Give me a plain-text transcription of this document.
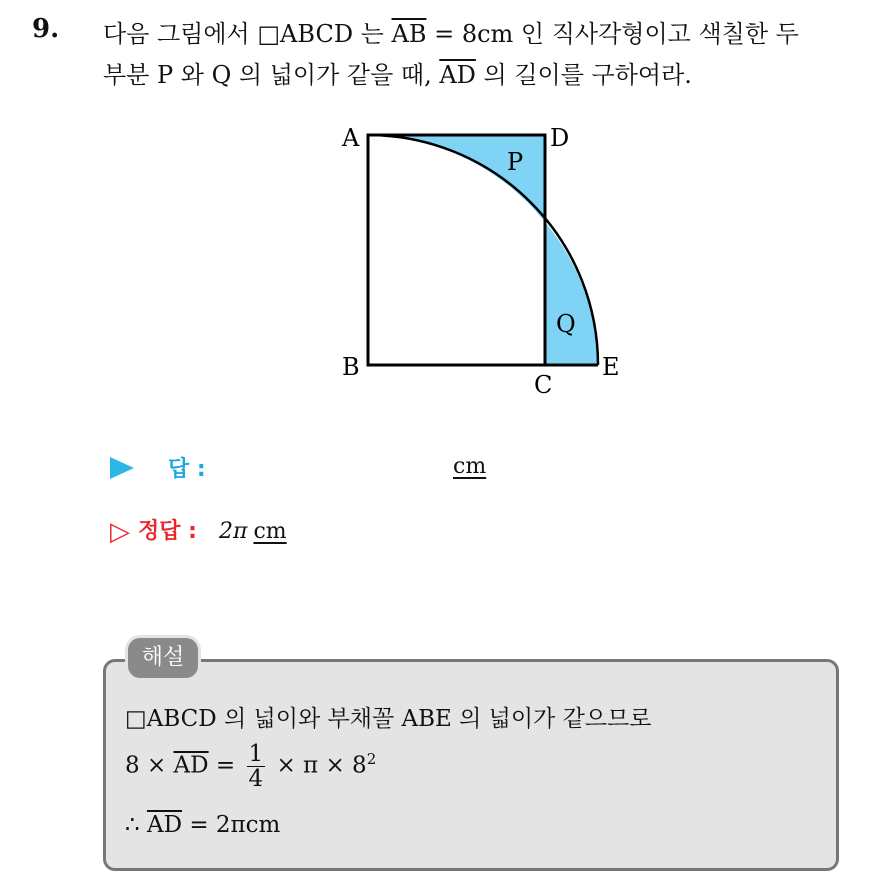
9. 다음 그림에서 □ABCD 는 $\overline{AB} = 8cm$ 인 직사각형이고 색칠한 두
부분 P 와 Q 의 넓이가 같을 때, $\overline{AD}$ 의 길이를 구하여라.
A	D
B
C
E
P
Q
답 :	cm
▷ 정답 : 2π cm
해설
□ABCD 의 넓이와 부채꼴 ABE 의 넓이가 같으므로
$8 \times \overline{AD} = \frac{1}{4} \times \pi \times 8^2$
∴ $\overline{AD} = 2\pi cm$
